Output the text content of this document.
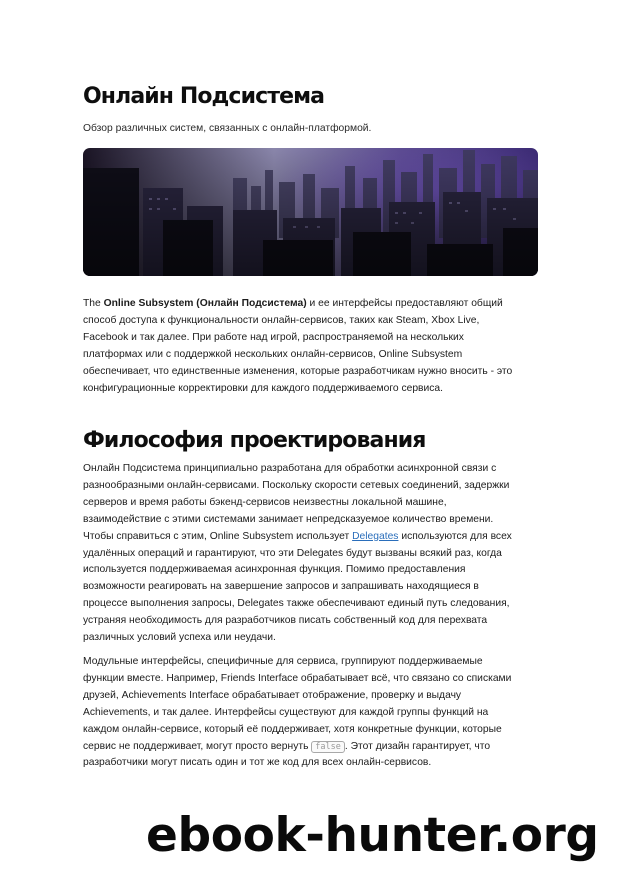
Онлайн Подсистема
Обзор различных систем, связанных с онлайн-платформой.
The Online Subsystem (Онлайн Подсистема) и ее интерфейсы предоставляют общий
способ доступа к функциональности онлайн-сервисов, таких как Steam, Xbox Live,
Facebook и так далее. При работе над игрой, распространяемой на нескольких
платформах или с поддержкой нескольких онлайн-сервисов, Online Subsystem
обеспечивает, что единственные изменения, которые разработчикам нужно вносить - это
конфигурационные корректировки для каждого поддерживаемого сервиса.
Философия проектирования
Онлайн Подсистема принципиально разработана для обработки асинхронной связи с
разнообразными онлайн-сервисами. Поскольку скорости сетевых соединений, задержки
серверов и время работы бэкенд-сервисов неизвестны локальной машине,
взаимодействие с этими системами занимает непредсказуемое количество времени.
Чтобы справиться с этим, Online Subsystem использует Delegates используются для всех
удалённых операций и гарантируют, что эти Delegates будут вызваны всякий раз, когда
используется поддерживаемая асинхронная функция. Помимо предоставления
возможности реагировать на завершение запросов и запрашивать находящиеся в
процессе выполнения запросы, Delegates также обеспечивают единый путь следования,
устраняя необходимость для разработчиков писать собственный код для перехвата
различных условий успеха или неудачи.
Модульные интерфейсы, специфичные для сервиса, группируют поддерживаемые
функции вместе. Например, Friends Interface обрабатывает всё, что связано со списками
друзей, Achievements Interface обрабатывает отображение, проверку и выдачу
Achievements, и так далее. Интерфейсы существуют для каждой группы функций на
каждом онлайн-сервисе, который её поддерживает, хотя конкретные функции, которые
сервис не поддерживает, могут просто вернуть false . Этот дизайн гарантирует, что
разработчики могут писать один и тот же код для всех онлайн-сервисов.
ebook-hunter.org
